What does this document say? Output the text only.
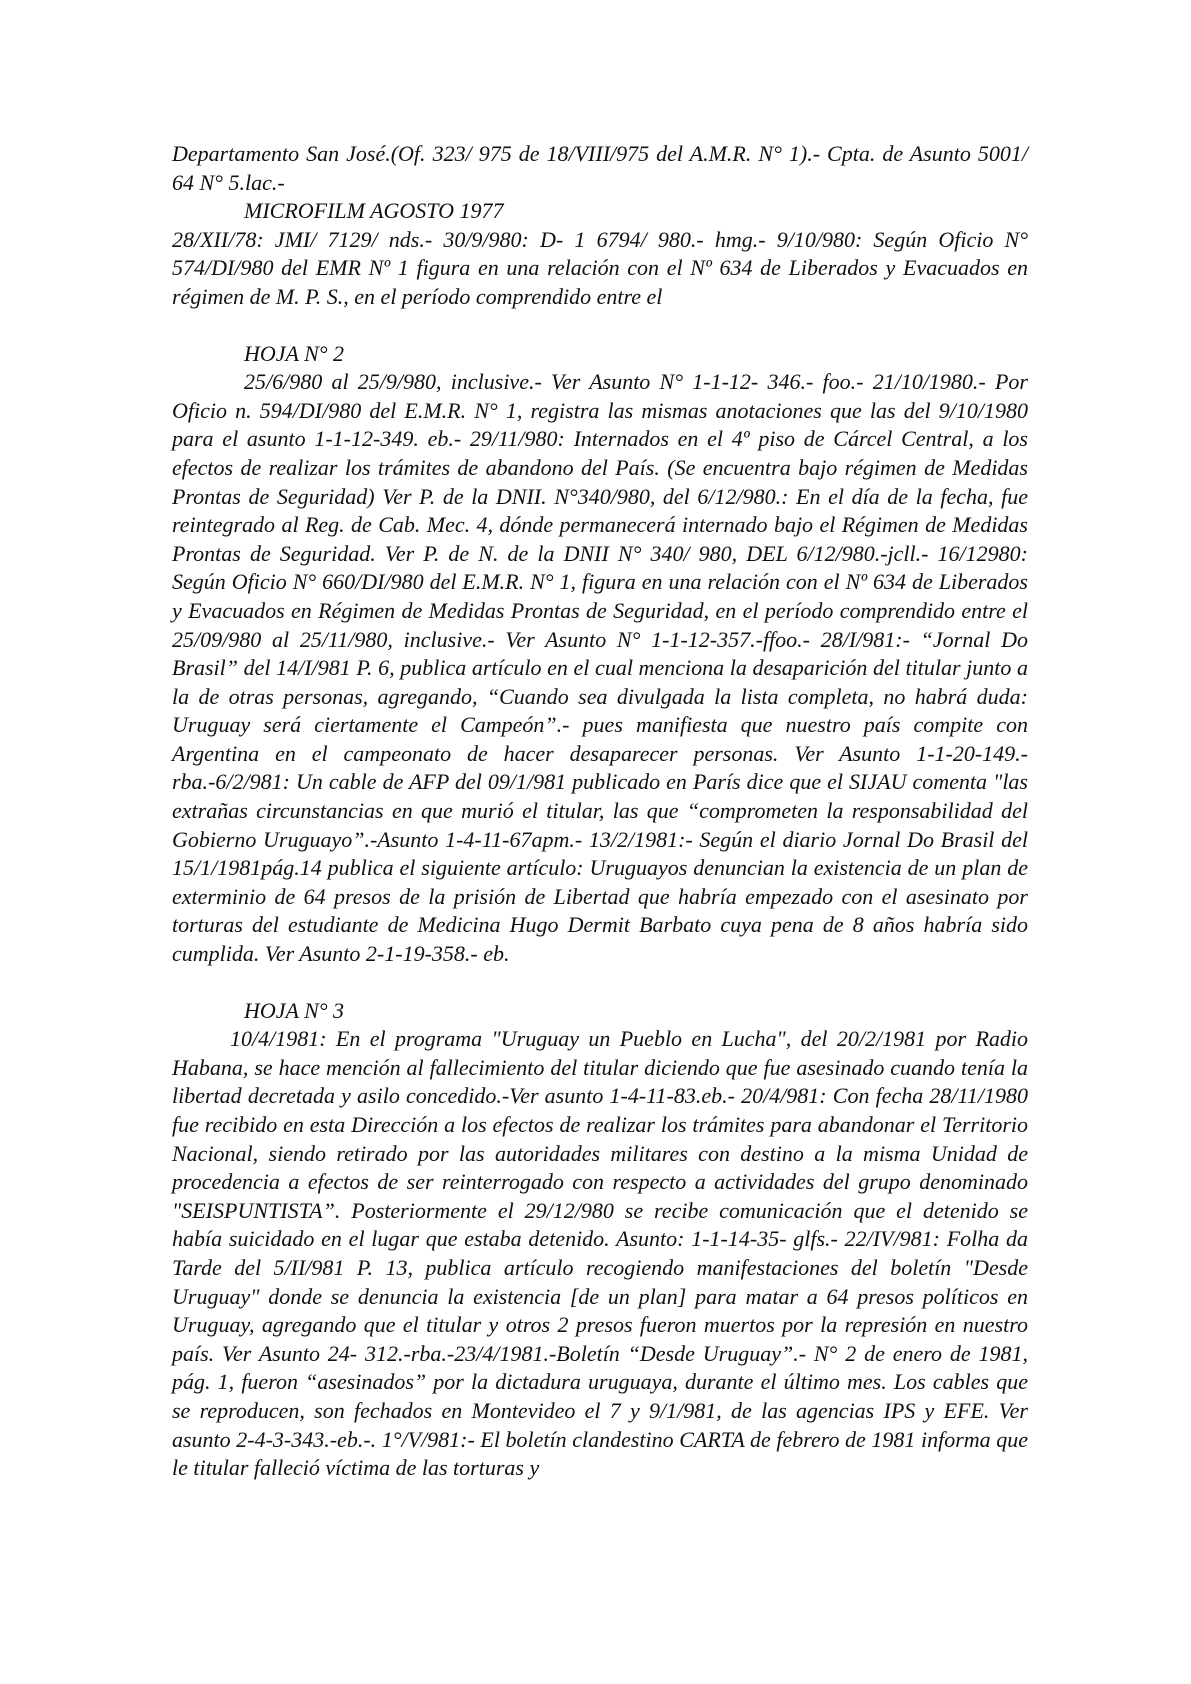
Departamento San José.(Of. 323/ 975 de 18/VIII/975 del A.M.R. N° 1).- Cpta. de Asunto 5001/ 64 N° 5.lac.-

MICROFILM AGOSTO 1977

28/XII/78: JMI/ 7129/ nds.- 30/9/980: D- 1 6794/ 980.- hmg.- 9/10/980: Según Oficio N° 574/DI/980 del EMR Nº 1 figura en una relación con el Nº 634 de Liberados y Evacuados en régimen de M. P. S., en el período comprendido entre el

HOJA N° 2

25/6/980 al 25/9/980, inclusive.- Ver Asunto N° 1-1-12- 346.- foo.- 21/10/1980.- Por Oficio n. 594/DI/980 del E.M.R. N° 1, registra las mismas anotaciones que las del 9/10/1980 para el asunto 1-1-12-349. eb.- 29/11/980: Internados en el 4º piso de Cárcel Central, a los efectos de realizar los trámites de abandono del País. (Se encuentra bajo régimen de Medidas Prontas de Seguridad) Ver P. de la DNII. N°340/980, del 6/12/980.: En el día de la fecha, fue reintegrado al Reg. de Cab. Mec. 4, dónde permanecerá internado bajo el Régimen de Medidas Prontas de Seguridad. Ver P. de N. de la DNII N° 340/ 980, DEL 6/12/980.-jcll.- 16/12980: Según Oficio N° 660/DI/980 del E.M.R. N° 1, figura en una relación con el Nº 634 de Liberados y Evacuados en Régimen de Medidas Prontas de Seguridad, en el período comprendido entre el 25/09/980 al 25/11/980, inclusive.- Ver Asunto N° 1-1-12-357.-ffoo.- 28/I/981:- “Jornal Do Brasil” del 14/I/981 P. 6, publica artículo en el cual menciona la desaparición del titular junto a la de otras personas, agregando, “Cuando sea divulgada la lista completa, no habrá duda: Uruguay será ciertamente el Campeón”.- pues manifiesta que nuestro país compite con Argentina en el campeonato de hacer desaparecer personas. Ver Asunto 1-1-20-149.-rba.-6/2/981: Un cable de AFP del 09/1/981 publicado en París dice que el SIJAU comenta "las extrañas circunstancias en que murió el titular, las que “comprometen la responsabilidad del Gobierno Uruguayo”.-Asunto 1-4-11-67apm.- 13/2/1981:- Según el diario Jornal Do Brasil del 15/1/1981pág.14 publica el siguiente artículo: Uruguayos denuncian la existencia de un plan de exterminio de 64 presos de la prisión de Libertad que habría empezado con el asesinato por torturas del estudiante de Medicina Hugo Dermit Barbato cuya pena de 8 años habría sido cumplida. Ver Asunto 2-1-19-358.- eb.

HOJA N° 3

10/4/1981: En el programa "Uruguay un Pueblo en Lucha", del 20/2/1981 por Radio Habana, se hace mención al fallecimiento del titular diciendo que fue asesinado cuando tenía la libertad decretada y asilo concedido.-Ver asunto 1-4-11-83.eb.- 20/4/981: Con fecha 28/11/1980 fue recibido en esta Dirección a los efectos de realizar los trámites para abandonar el Territorio Nacional, siendo retirado por las autoridades militares con destino a la misma Unidad de procedencia a efectos de ser reinterrogado con respecto a actividades del grupo denominado "SEISPUNTISTA”. Posteriormente el 29/12/980 se recibe comunicación que el detenido se había suicidado en el lugar que estaba detenido. Asunto: 1-1-14-35- glfs.- 22/IV/981: Folha da Tarde del 5/II/981 P. 13, publica artículo recogiendo manifestaciones del boletín "Desde Uruguay" donde se denuncia la existencia [de un plan] para matar a 64 presos políticos en Uruguay, agregando que el titular y otros 2 presos fueron muertos por la represión en nuestro país. Ver Asunto 24- 312.-rba.-23/4/1981.-Boletín “Desde Uruguay”.- N° 2 de enero de 1981, pág. 1, fueron “asesinados” por la dictadura uruguaya, durante el último mes. Los cables que se reproducen, son fechados en Montevideo el 7 y 9/1/981, de las agencias IPS y EFE. Ver asunto 2-4-3-343.-eb.-. 1°/V/981:- El boletín clandestino CARTA de febrero de 1981 informa que le titular falleció víctima de las torturas y
